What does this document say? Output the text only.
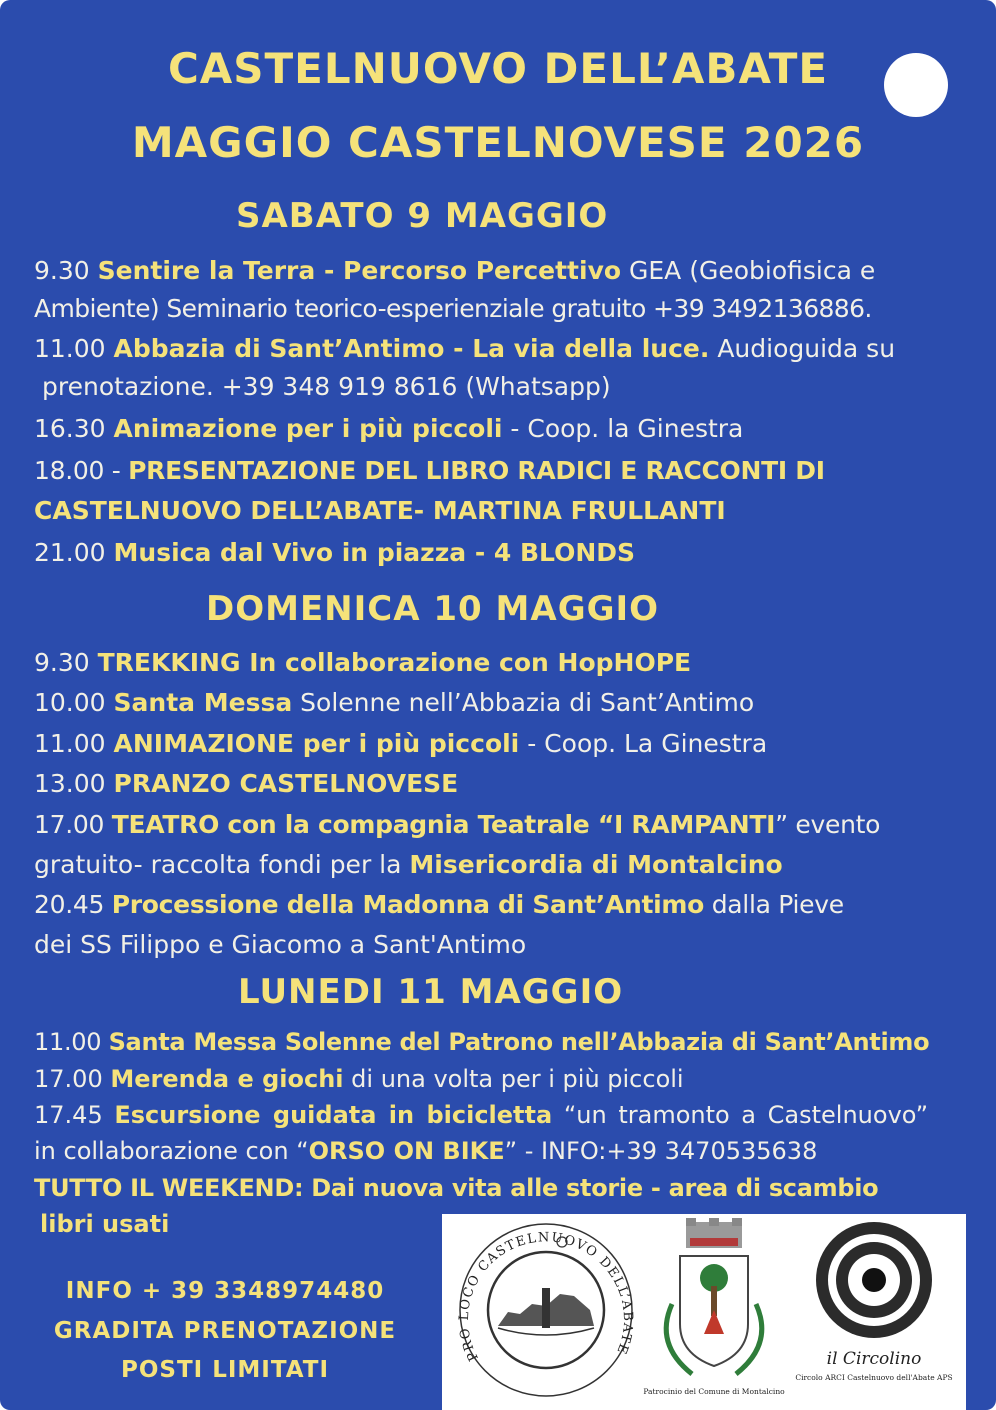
CASTELNUOVO DELL’ABATE
MAGGIO CASTELNOVESE 2026
SABATO 9 MAGGIO
9.30 Sentire la Terra - Percorso Percettivo GEA (Geobiofisica e
Ambiente) Seminario teorico-esperienziale gratuito +39 3492136886.
11.00 Abbazia di Sant’Antimo - La via della luce. Audioguida su
prenotazione. +39 348 919 8616 (Whatsapp)
16.30 Animazione per i più piccoli - Coop. la Ginestra
18.00 - PRESENTAZIONE DEL LIBRO RADICI E RACCONTI DI
CASTELNUOVO DELL’ABATE- MARTINA FRULLANTI
21.00 Musica dal Vivo in piazza - 4 BLONDS
DOMENICA 10 MAGGIO
9.30 TREKKING In collaborazione con HopHOPE
10.00 Santa Messa Solenne nell’Abbazia di Sant’Antimo
11.00 ANIMAZIONE per i più piccoli - Coop. La Ginestra
13.00 PRANZO CASTELNOVESE
17.00 TEATRO con la compagnia Teatrale “I RAMPANTI” evento
gratuito- raccolta fondi per la Misericordia di Montalcino
20.45 Processione della Madonna di Sant’Antimo dalla Pieve
dei SS Filippo e Giacomo a Sant'Antimo
LUNEDI 11 MAGGIO
11.00 Santa Messa Solenne del Patrono nell’Abbazia di Sant’Antimo
17.00 Merenda e giochi di una volta per i più piccoli
17.45 Escursione guidata in bicicletta “un tramonto a Castelnuovo”
in collaborazione con “ORSO ON BIKE” - INFO:+39 3470535638
TUTTO IL WEEKEND: Dai nuova vita alle storie - area di scambio
libri usati
INFO + 39 3348974480
GRADITA PRENOTAZIONE
POSTI LIMITATI
PRO LOCO CASTELNUOVO DELL’ABATE
Patrocinio del Comune di Montalcino
il Circolino
Circolo ARCI Castelnuovo dell'Abate APS
